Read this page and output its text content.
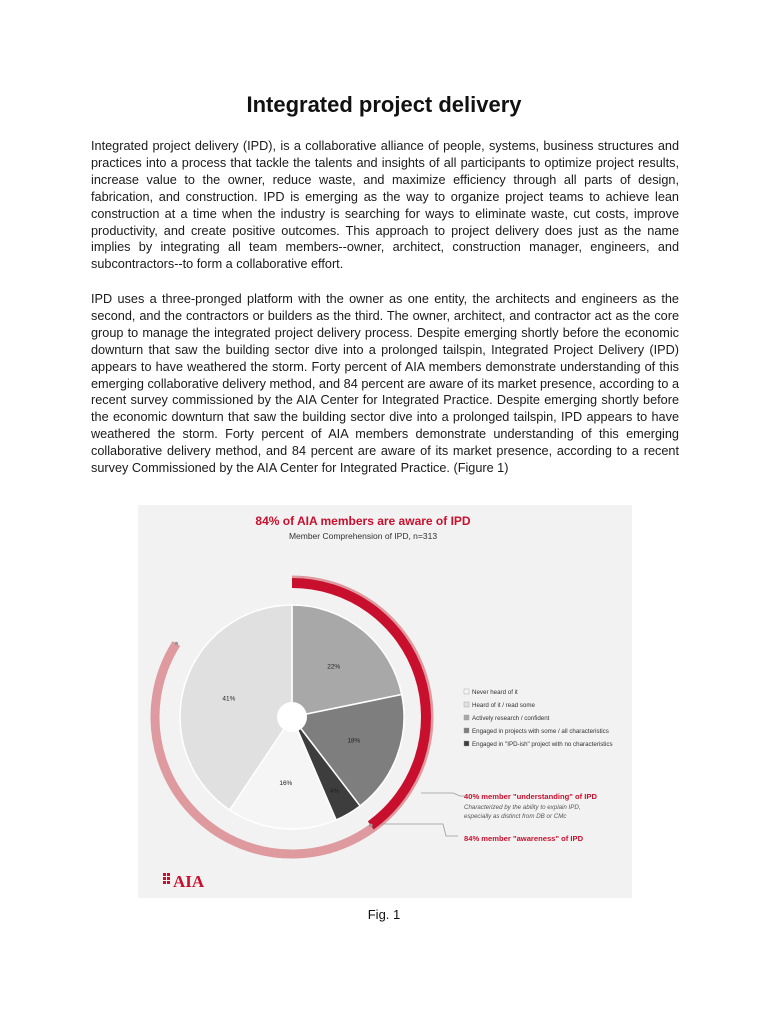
Integrated project delivery

Integrated project delivery (IPD), is a collaborative alliance of people, systems, business structures and practices into a process that tackle the talents and insights of all participants to optimize project results, increase value to the owner, reduce waste, and maximize efficiency through all parts of design, fabrication, and construction. IPD is emerging as the way to organize project teams to achieve lean construction at a time when the industry is searching for ways to eliminate waste, cut costs, improve productivity, and create positive outcomes. This approach to project delivery does just as the name implies by integrating all team members--owner, architect, construction manager, engineers, and subcontractors--to form a collaborative effort.

IPD uses a three-pronged platform with the owner as one entity, the architects and engineers as the second, and the contractors or builders as the third. The owner, architect, and contractor act as the core group to manage the integrated project delivery process. Despite emerging shortly before the economic downturn that saw the building sector dive into a prolonged tailspin, Integrated Project Delivery (IPD) appears to have weathered the storm. Forty percent of AIA members demonstrate understanding of this emerging collaborative delivery method, and 84 percent are aware of its market presence, according to a recent survey commissioned by the AIA Center for Integrated Practice. Despite emerging shortly before the economic downturn that saw the building sector dive into a prolonged tailspin, IPD appears to have weathered the storm. Forty percent of AIA members demonstrate understanding of this emerging collaborative delivery method, and 84 percent are aware of its market presence, according to a recent survey Commissioned by the AIA Center for Integrated Practice. (Figure 1)

84% of AIA members are aware of IPD
Member Comprehension of IPD, n=313
22%
18%
4%
16%
41%
Never heard of it
Heard of it / read some
Actively research / confident
Engaged in projects with some / all characteristics
Engaged in "IPD-ish" project with no characteristics
40% member "understanding" of IPD
Characterized by the ability to explain IPD,
especially as distinct from DB or CMc
84% member "awareness" of IPD
AIA
Fig. 1
